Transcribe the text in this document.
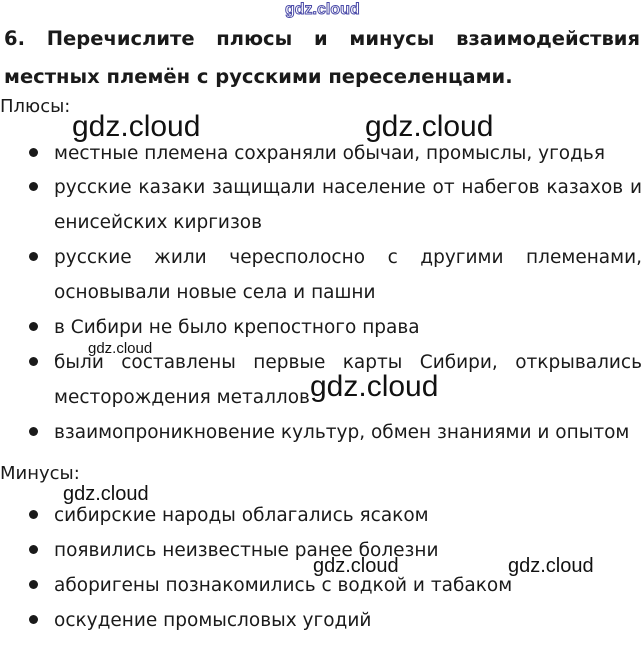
gdz.cloud

6. Перечислите плюсы и минусы взаимодействия местных племён с русскими переселенцами.

Плюсы:

местные племена сохраняли обычаи, промыслы, угодья

русские казаки защищали население от набегов казахов и енисейских киргизов

русские жили чересполосно с другими племенами, основывали новые села и пашни

в Сибири не было крепостного права

были составлены первые карты Сибири, открывались месторождения металлов

взаимопроникновение культур, обмен знаниями и опытом

Минусы:

сибирские народы облагались ясаком

появились неизвестные ранее болезни

аборигены познакомились с водкой и табаком

оскудение промысловых угодий

gdz.cloud	gdz.cloud
gdz.cloud
gdz.cloud
gdz.cloud
gdz.cloud	gdz.cloud
